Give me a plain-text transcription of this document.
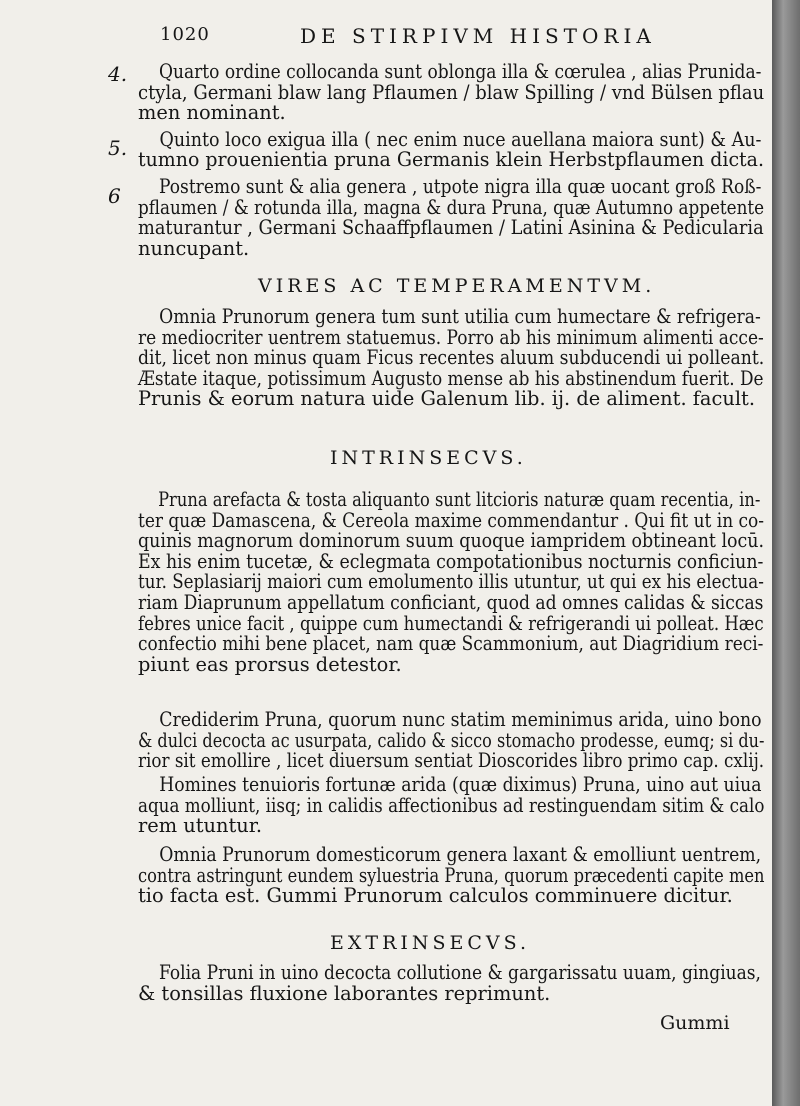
1020	DE STIRPIVM HISTORIA
4.
5.
6
Quarto ordine collocanda sunt oblonga illa & cœrulea , alias Prunida-
ctyla, Germani blaw lang Pflaumen / blaw Spilling / vnd Bülsen pflau
men nominant.
Quinto loco exigua illa ( nec enim nuce auellana maiora sunt) & Au-
tumno prouenientia pruna Germanis klein Herbstpflaumen dicta.
Postremo sunt & alia genera , utpote nigra illa quæ uocant groß Roß-
pflaumen / & rotunda illa, magna & dura Pruna, quæ Autumno appetente
maturantur , Germani Schaaffpflaumen / Latini Asinina & Pedicularia
nuncupant.
VIRES AC TEMPERAMENTVM.
Omnia Prunorum genera tum sunt utilia cum humectare & refrigera-
re mediocriter uentrem statuemus. Porro ab his minimum alimenti acce-
dit, licet non minus quam Ficus recentes aluum subducendi ui polleant.
Æstate itaque, potissimum Augusto mense ab his abstinendum fuerit. De
Prunis & eorum natura uide Galenum lib. ij. de aliment. facult.
INTRINSECVS.
Pruna arefacta & tosta aliquanto sunt litcioris naturæ quam recentia, in-
ter quæ Damascena, & Cereola maxime commendantur . Qui fit ut in co-
quinis magnorum dominorum suum quoque iampridem obtineant locū.
Ex his enim tucetæ, & eclegmata compotationibus nocturnis conficiun-
tur. Seplasiarij maiori cum emolumento illis utuntur, ut qui ex his electua-
riam Diaprunum appellatum conficiant, quod ad omnes calidas & siccas
febres unice facit , quippe cum humectandi & refrigerandi ui polleat. Hæc
confectio mihi bene placet, nam quæ Scammonium, aut Diagridium reci-
piunt eas prorsus detestor.
Crediderim Pruna, quorum nunc statim meminimus arida, uino bono
& dulci decocta ac usurpata, calido & sicco stomacho prodesse, eumq; si du-
rior sit emollire , licet diuersum sentiat Dioscorides libro primo cap. cxlij.
Homines tenuioris fortunæ arida (quæ diximus) Pruna, uino aut uiua
aqua molliunt, iisq; in calidis affectionibus ad restinguendam sitim & calo
rem utuntur.
Omnia Prunorum domesticorum genera laxant & emolliunt uentrem,
contra astringunt eundem syluestria Pruna, quorum præcedenti capite men
tio facta est. Gummi Prunorum calculos comminuere dicitur.
EXTRINSECVS.
Folia Pruni in uino decocta collutione & gargarissatu uuam, gingiuas,
& tonsillas fluxione laborantes reprimunt.
Gummi
